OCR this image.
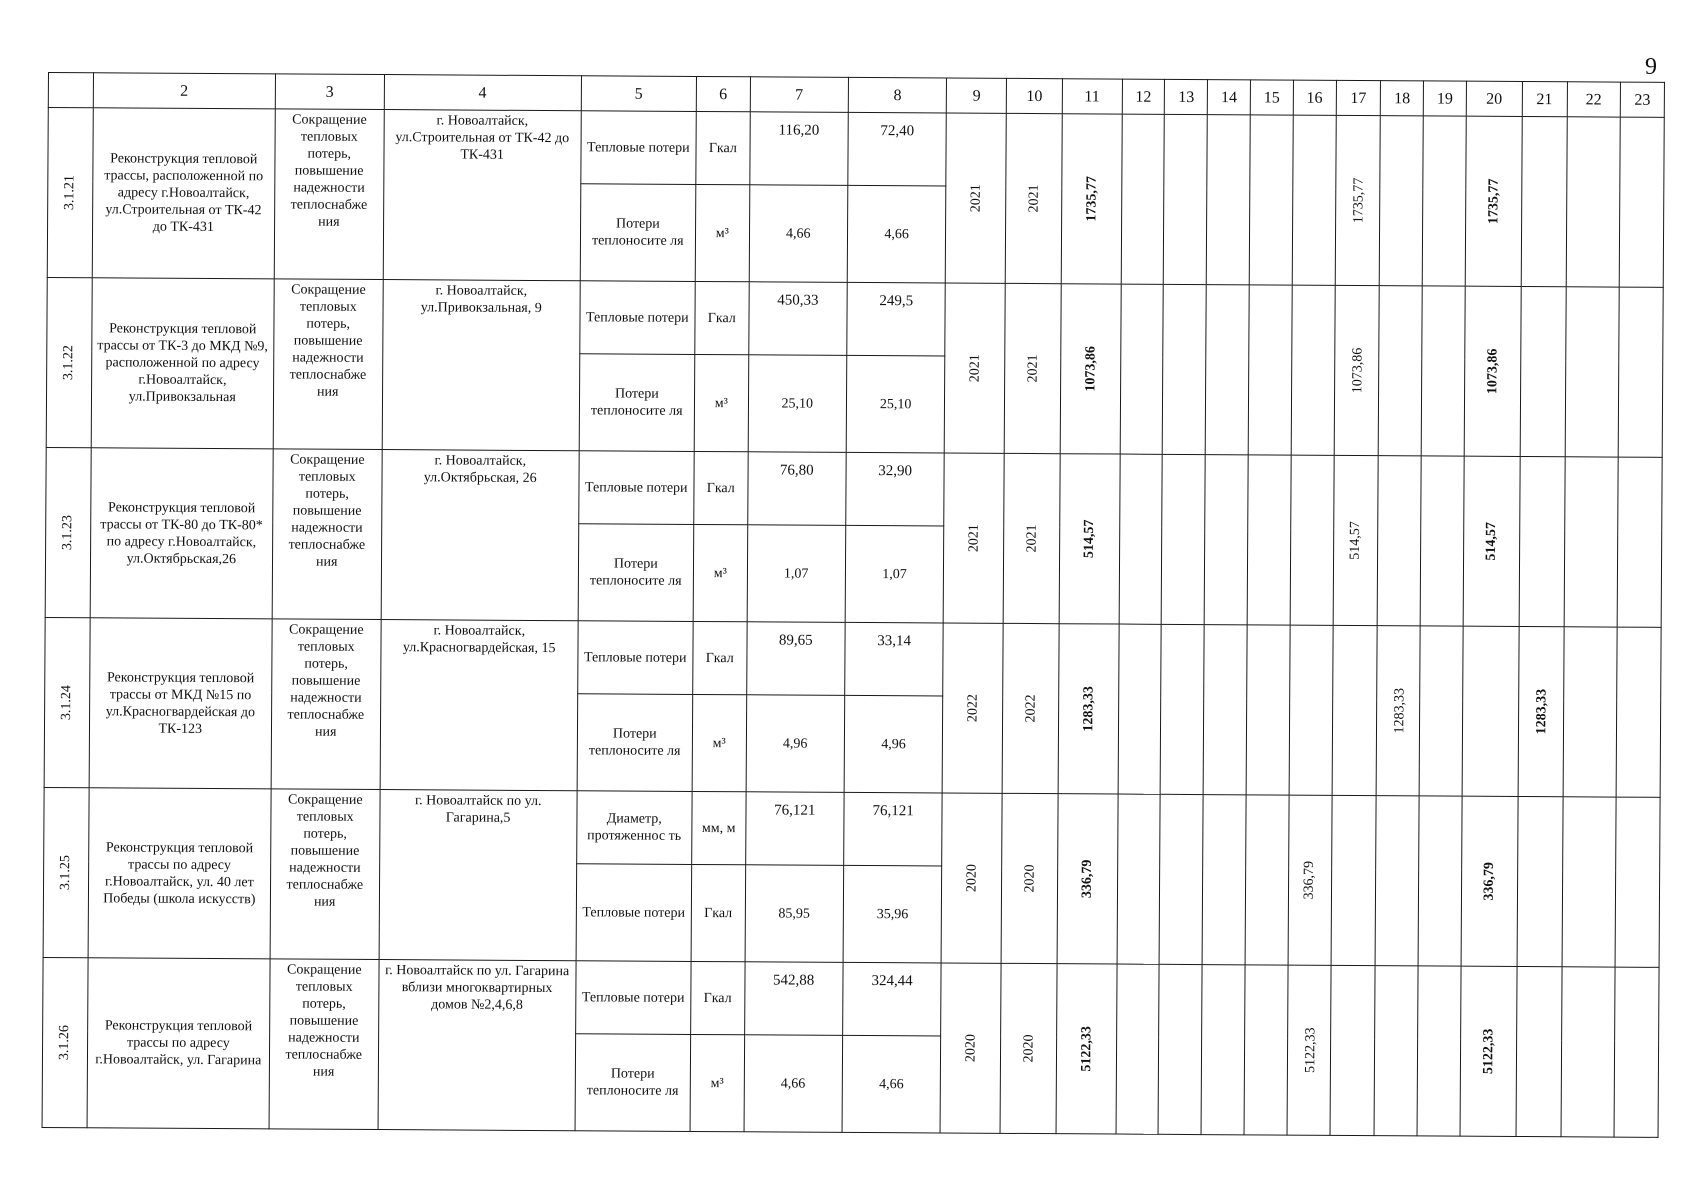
9
	2	3	4	5	6	7	8	9	10	11	12	13	14	15	16	17	18	19	20	21	22	23
3.1.21	Реконструкция тепловой трассы, расположенной по адресу г.Новоалтайск, ул.Строительная от ТК-42 до ТК-431	Сокращение тепловых потерь, повышение надежности теплоснабже ния	г. Новоалтайск, ул.Строительная от ТК-42 до ТК-431	Тепловые потери	Гкал	116,20	72,40	2021	2021	1735,77						1735,77			1735,77			
				Потери теплоносите ля	м³	4,66	4,66															
3.1.22	Реконструкция тепловой трассы от ТК-3 до МКД №9, расположенной по адресу г.Новоалтайск, ул.Привокзальная	Сокращение тепловых потерь, повышение надежности теплоснабже ния	г. Новоалтайск, ул.Привокзальная, 9	Тепловые потери	Гкал	450,33	249,5	2021	2021	1073,86						1073,86			1073,86			
				Потери теплоносите ля	м³	25,10	25,10															
3.1.23	Реконструкция тепловой трассы от ТК-80 до ТК-80* по адресу г.Новоалтайск, ул.Октябрьская,26	Сокращение тепловых потерь, повышение надежности теплоснабже ния	г. Новоалтайск, ул.Октябрьская, 26	Тепловые потери	Гкал	76,80	32,90	2021	2021	514,57						514,57			514,57			
				Потери теплоносите ля	м³	1,07	1,07															
3.1.24	Реконструкция тепловой трассы от МКД №15 по ул.Красногвардейская до ТК-123	Сокращение тепловых потерь, повышение надежности теплоснабже ния	г. Новоалтайск, ул.Красногвардейская, 15	Тепловые потери	Гкал	89,65	33,14	2022	2022	1283,33							1283,33			1283,33		
				Потери теплоносите ля	м³	4,96	4,96															
3.1.25	Реконструкция тепловой трассы по адресу г.Новоалтайск, ул. 40 лет Победы (школа искусств)	Сокращение тепловых потерь, повышение надежности теплоснабже ния	г. Новоалтайск по ул. Гагарина,5	Диаметр, протяженнос ть	мм, м	76,121	76,121	2020	2020	336,79					336,79				336,79			
				Тепловые потери	Гкал	85,95	35,96															
3.1.26	Реконструкция тепловой трассы по адресу г.Новоалтайск, ул. Гагарина	Сокращение тепловых потерь, повышение надежности теплоснабже ния	г. Новоалтайск по ул. Гагарина вблизи многоквартирных домов №2,4,6,8	Тепловые потери	Гкал	542,88	324,44	2020	2020	5122,33					5122,33				5122,33			
				Потери теплоносите ля	м³	4,66	4,66															
